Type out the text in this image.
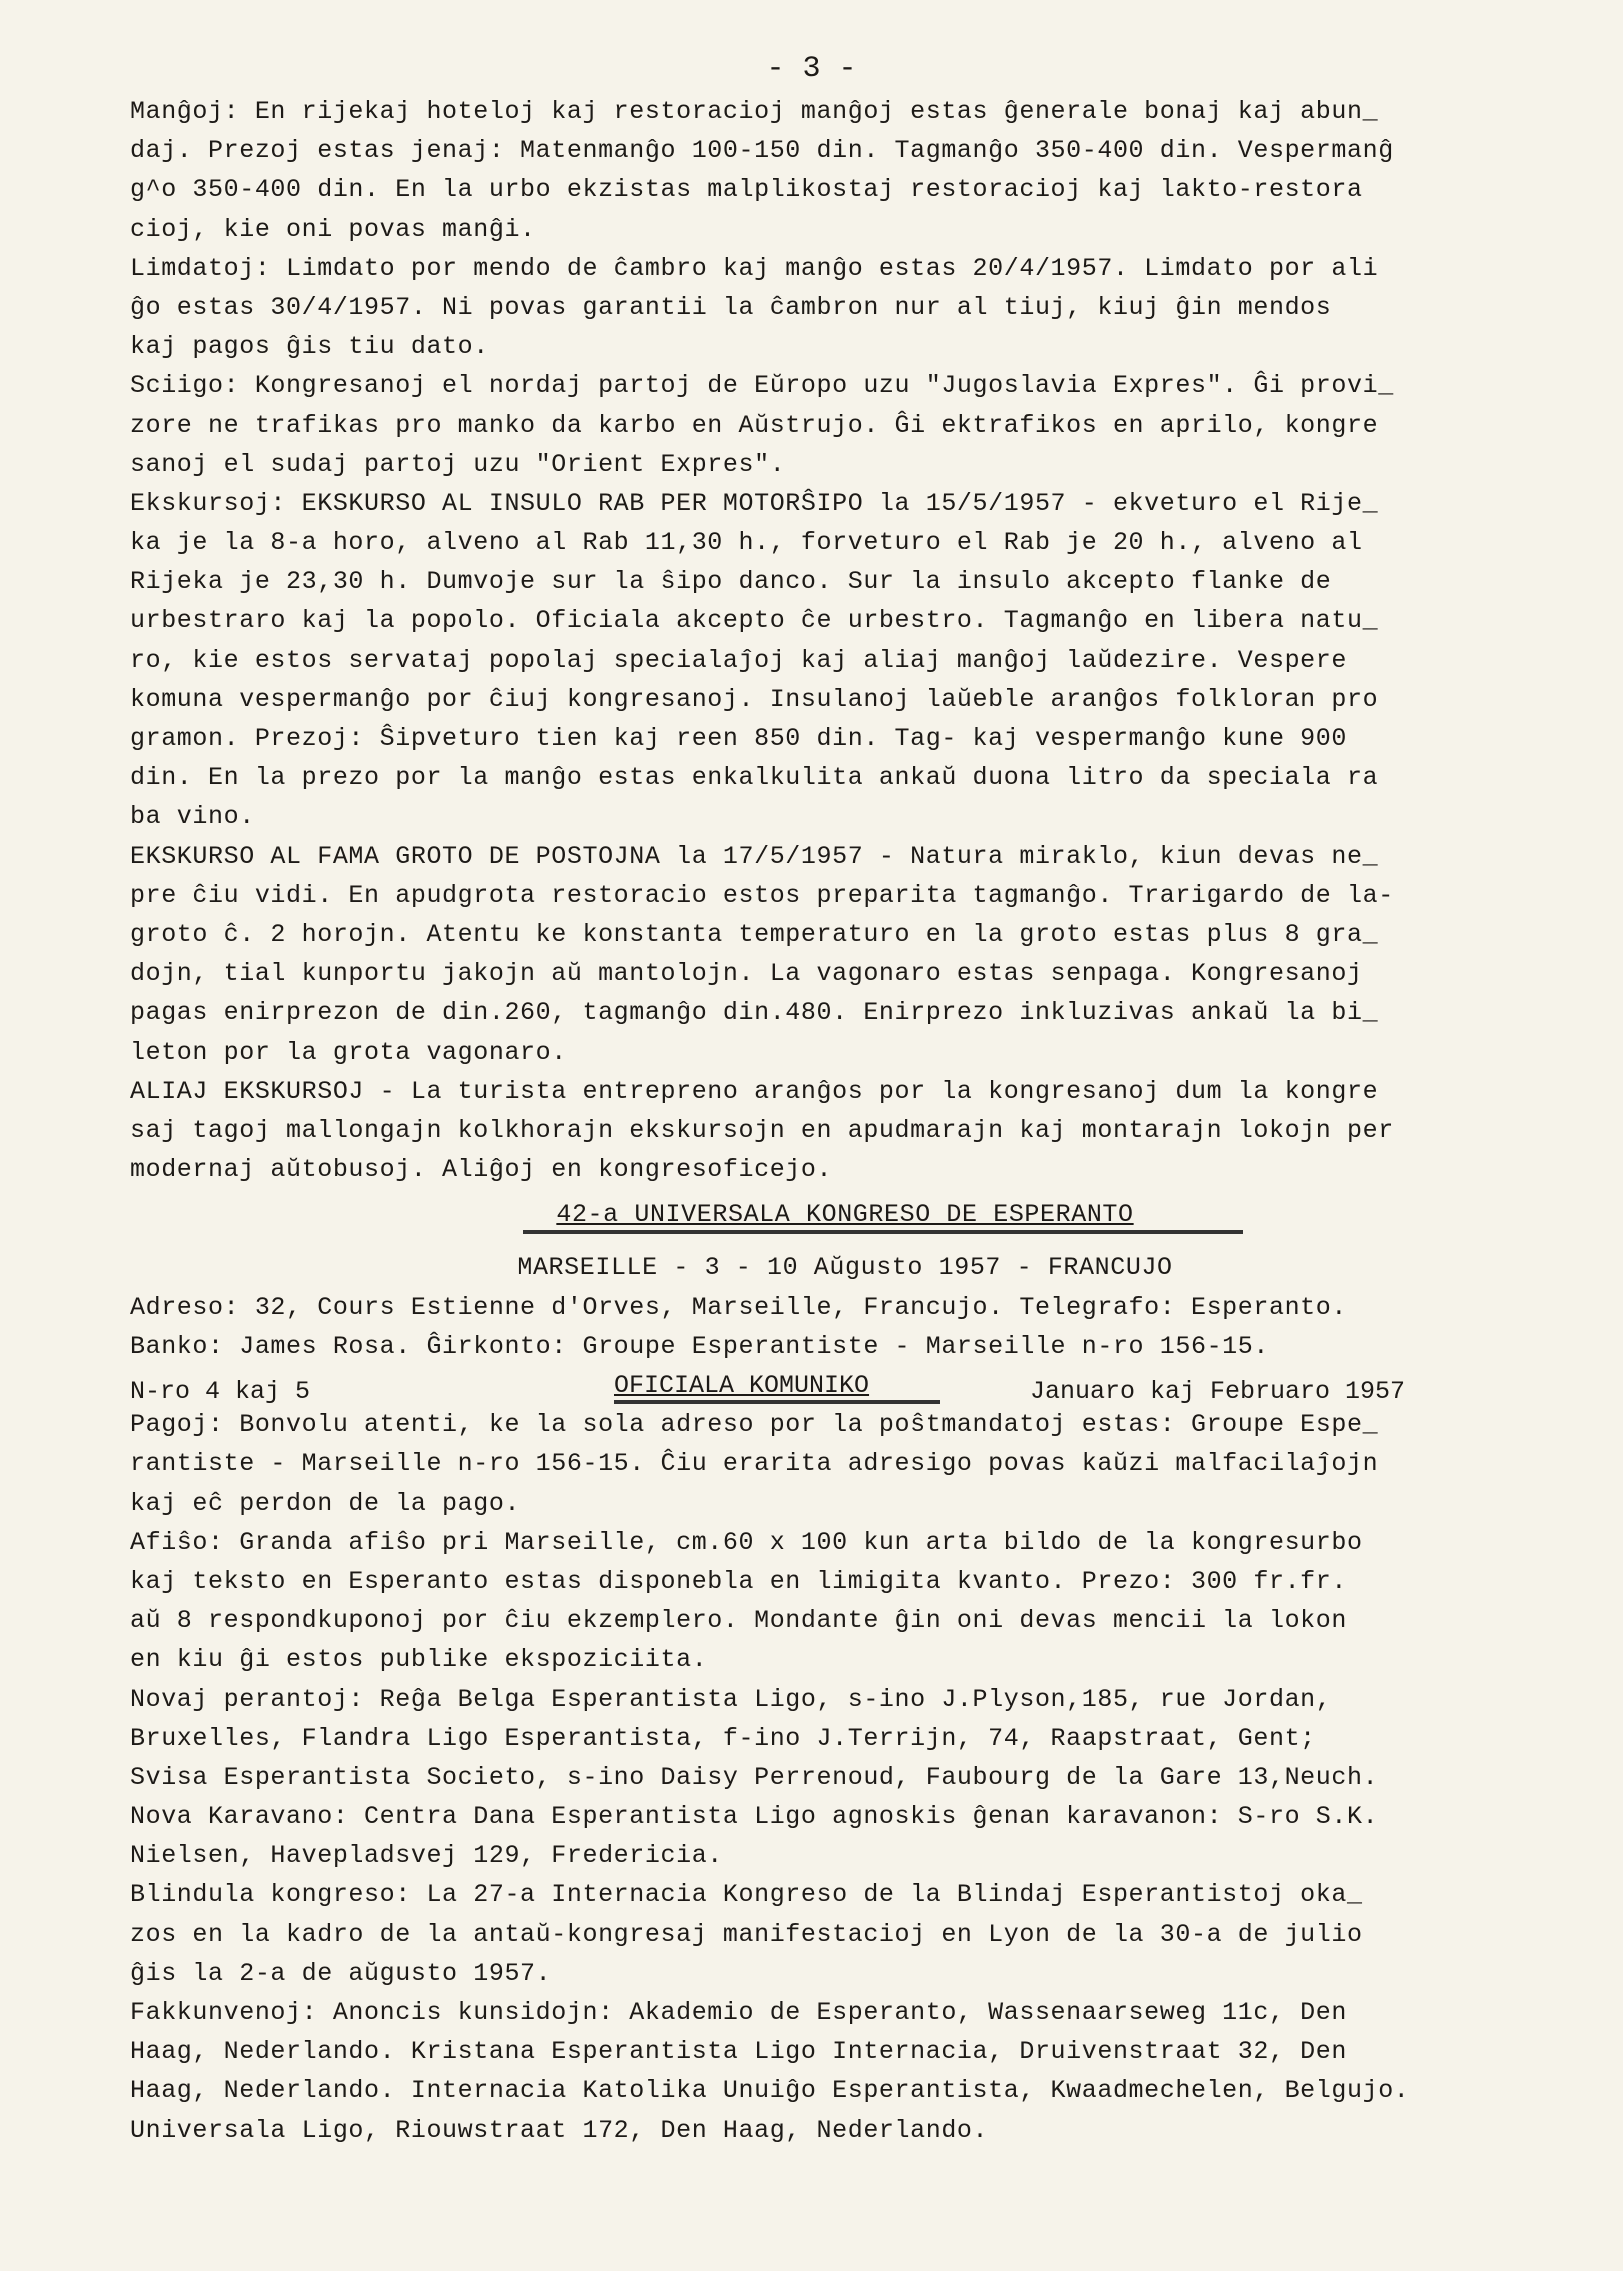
- 3 -
Manĝoj: En rijekaj hoteloj kaj restoracioj manĝoj estas ĝenerale bonaj kaj abun_
daj. Prezoj estas jenaj: Matenmanĝo 100-150 din. Tagmanĝo 350-400 din. Vespermanĝ
g^o 350-400 din. En la urbo ekzistas malplikostaj restoracioj kaj lakto-restora
cioj, kie oni povas manĝi.
Limdatoj: Limdato por mendo de ĉambro kaj manĝo estas 20/4/1957. Limdato por ali
ĝo estas 30/4/1957. Ni povas garantii la ĉambron nur al tiuj, kiuj ĝin mendos
kaj pagos ĝis tiu dato.
Sciigo: Kongresanoj el nordaj partoj de Eŭropo uzu "Jugoslavia Expres". Ĝi provi_
zore ne trafikas pro manko da karbo en Aŭstrujo. Ĝi ektrafikos en aprilo, kongre
sanoj el sudaj partoj uzu "Orient Expres".
Ekskursoj: EKSKURSO AL INSULO RAB PER MOTORŜIPO la 15/5/1957 - ekveturo el Rije_
ka je la 8-a horo, alveno al Rab 11,30 h., forveturo el Rab je 20 h., alveno al
Rijeka je 23,30 h. Dumvoje sur la ŝipo danco. Sur la insulo akcepto flanke de
urbestraro kaj la popolo. Oficiala akcepto ĉe urbestro. Tagmanĝo en libera natu_
ro, kie estos servataj popolaj specialaĵoj kaj aliaj manĝoj laŭdezire. Vespere
komuna vespermanĝo por ĉiuj kongresanoj. Insulanoj laŭeble aranĝos folkloran pro
gramon. Prezoj: Ŝipveturo tien kaj reen 850 din. Tag- kaj vespermanĝo kune 900
din. En la prezo por la manĝo estas enkalkulita ankaŭ duona litro da speciala ra
ba vino.
EKSKURSO AL FAMA GROTO DE POSTOJNA la 17/5/1957 - Natura miraklo, kiun devas ne_
pre ĉiu vidi. En apudgrota restoracio estos preparita tagmanĝo. Trarigardo de la-
groto ĉ. 2 horojn. Atentu ke konstanta temperaturo en la groto estas plus 8 gra_
dojn, tial kunportu jakojn aŭ mantolojn. La vagonaro estas senpaga. Kongresanoj
pagas enirprezon de din.260, tagmanĝo din.480. Enirprezo inkluzivas ankaŭ la bi_
leton por la grota vagonaro.
ALIAJ EKSKURSOJ - La turista entrepreno aranĝos por la kongresanoj dum la kongre
saj tagoj mallongajn kolkhorajn ekskursojn en apudmarajn kaj montarajn lokojn per
modernaj aŭtobusoj. Aliĝoj en kongresoficejo.
42-a UNIVERSALA KONGRESO DE ESPERANTO
MARSEILLE - 3 - 10 Aŭgusto 1957 - FRANCUJO
Adreso: 32, Cours Estienne d'Orves, Marseille, Francujo. Telegrafo: Esperanto.
Banko: James Rosa. Ĝirkonto: Groupe Esperantiste - Marseille n-ro 156-15.

N-ro 4 kaj 5

	OFICIALA KOMUNIKO

	Januaro kaj Februaro 1957

Pagoj: Bonvolu atenti, ke la sola adreso por la poŝtmandatoj estas: Groupe Espe_
rantiste - Marseille n-ro 156-15. Ĉiu erarita adresigo povas kaŭzi malfacilaĵojn
kaj eĉ perdon de la pago.
Afiŝo: Granda afiŝo pri Marseille, cm.60 x 100 kun arta bildo de la kongresurbo
kaj teksto en Esperanto estas disponebla en limigita kvanto. Prezo: 300 fr.fr.
aŭ 8 respondkuponoj por ĉiu ekzemplero. Mondante ĝin oni devas mencii la lokon
en kiu ĝi estos publike ekspoziciita.
Novaj perantoj: Reĝa Belga Esperantista Ligo, s-ino J.Plyson,185, rue Jordan,
Bruxelles, Flandra Ligo Esperantista, f-ino J.Terrijn, 74, Raapstraat, Gent;
Svisa Esperantista Societo, s-ino Daisy Perrenoud, Faubourg de la Gare 13,Neuch.
Nova Karavano: Centra Dana Esperantista Ligo agnoskis ĝenan karavanon: S-ro S.K.
Nielsen, Havepladsvej 129, Fredericia.
Blindula kongreso: La 27-a Internacia Kongreso de la Blindaj Esperantistoj oka_
zos en la kadro de la antaŭ-kongresaj manifestacioj en Lyon de la 30-a de julio
ĝis la 2-a de aŭgusto 1957.
Fakkunvenoj: Anoncis kunsidojn: Akademio de Esperanto, Wassenaarseweg 11c, Den
Haag, Nederlando. Kristana Esperantista Ligo Internacia, Druivenstraat 32, Den
Haag, Nederlando. Internacia Katolika Unuiĝo Esperantista, Kwaadmechelen, Belgujo.
Universala Ligo, Riouwstraat 172, Den Haag, Nederlando.
